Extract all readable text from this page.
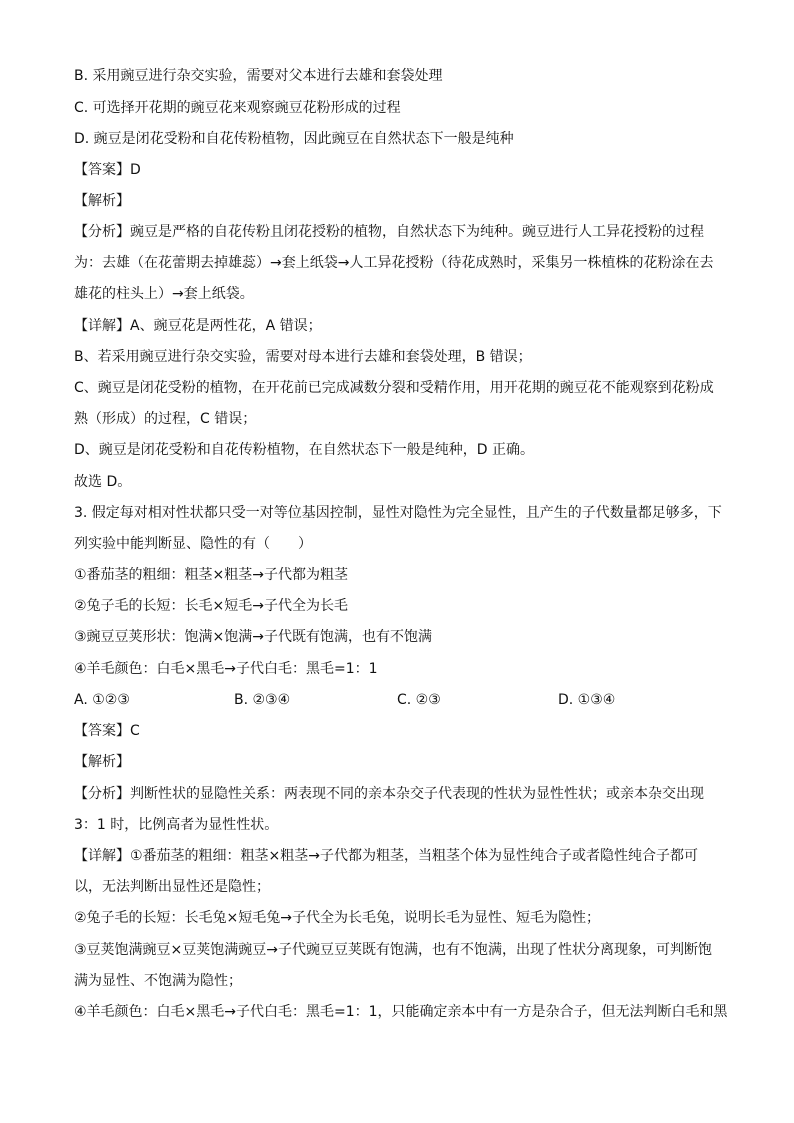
B. 采用豌豆进行杂交实验，需要对父本进行去雄和套袋处理
C. 可选择开花期的豌豆花来观察豌豆花粉形成的过程
D. 豌豆是闭花受粉和自花传粉植物，因此豌豆在自然状态下一般是纯种
【答案】D
【解析】
【分析】豌豆是严格的自花传粉且闭花授粉的植物，自然状态下为纯种。豌豆进行人工异花授粉的过程
为：去雄（在花蕾期去掉雄蕊）→套上纸袋→人工异花授粉（待花成熟时，采集另一株植株的花粉涂在去
雄花的柱头上）→套上纸袋。
【详解】A、豌豆花是两性花，A 错误；
B、若采用豌豆进行杂交实验，需要对母本进行去雄和套袋处理，B 错误；
C、豌豆是闭花受粉的植物，在开花前已完成减数分裂和受精作用，用开花期的豌豆花不能观察到花粉成
熟（形成）的过程，C 错误；
D、豌豆是闭花受粉和自花传粉植物，在自然状态下一般是纯种，D 正确。
故选 D。
3. 假定每对相对性状都只受一对等位基因控制，显性对隐性为完全显性，且产生的子代数量都足够多，下
列实验中能判断显、隐性的有（　　）
①番茄茎的粗细：粗茎×粗茎→子代都为粗茎
②兔子毛的长短：长毛×短毛→子代全为长毛
③豌豆豆荚形状：饱满×饱满→子代既有饱满，也有不饱满
④羊毛颜色：白毛×黑毛→子代白毛：黑毛=1：1
A. ①②③	B. ②③④	C. ②③	D. ①③④
【答案】C
【解析】
【分析】判断性状的显隐性关系：两表现不同的亲本杂交子代表现的性状为显性性状；或亲本杂交出现
3：1 时，比例高者为显性性状。
【详解】①番茄茎的粗细：粗茎×粗茎→子代都为粗茎，当粗茎个体为显性纯合子或者隐性纯合子都可
以，无法判断出显性还是隐性；
②兔子毛的长短：长毛兔×短毛兔→子代全为长毛兔，说明长毛为显性、短毛为隐性；
③豆荚饱满豌豆×豆荚饱满豌豆→子代豌豆豆荚既有饱满，也有不饱满，出现了性状分离现象，可判断饱
满为显性、不饱满为隐性；
④羊毛颜色：白毛×黑毛→子代白毛：黑毛=1：1，只能确定亲本中有一方是杂合子，但无法判断白毛和黑
